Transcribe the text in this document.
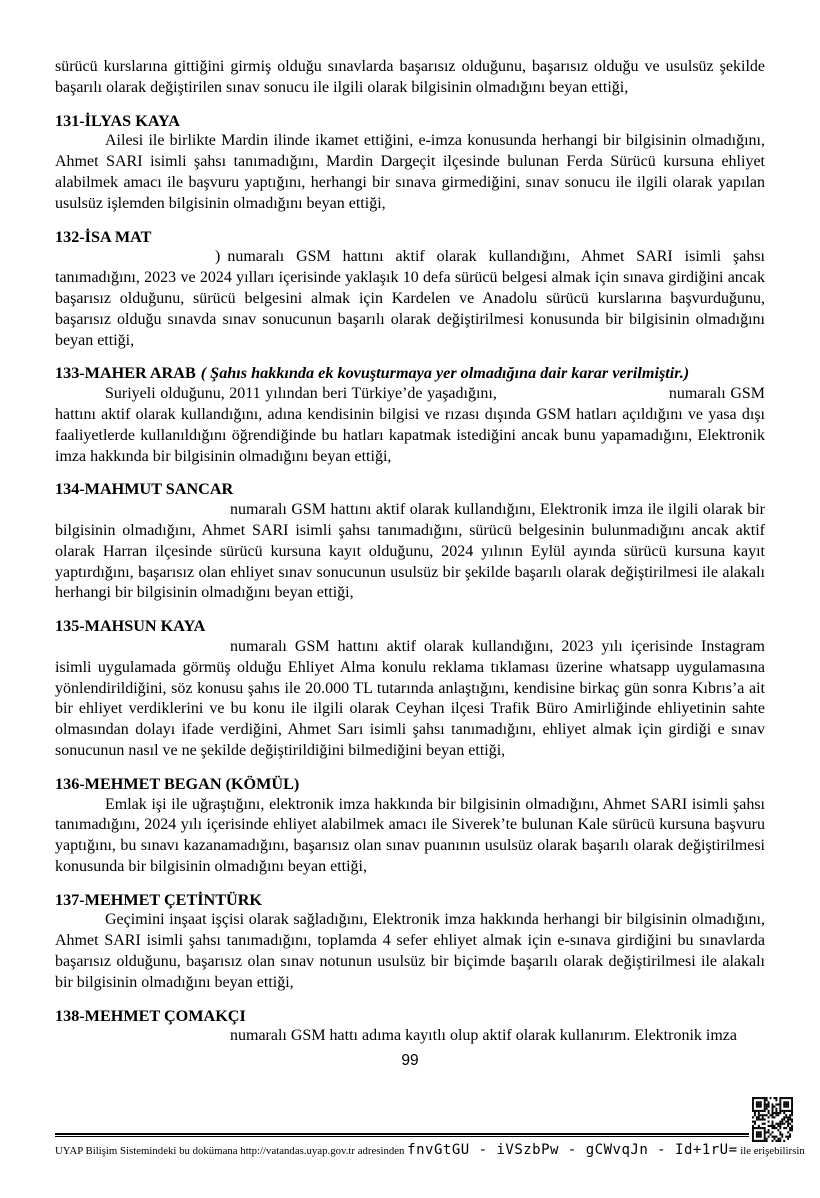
sürücü kurslarına gittiğini girmiş olduğu sınavlarda başarısız olduğunu, başarısız olduğu ve usulsüz şekilde başarılı olarak değiştirilen sınav sonucu ile ilgili olarak bilgisinin olmadığını beyan ettiği,

131-İLYAS KAYA

Ailesi ile birlikte Mardin ilinde ikamet ettiğini, e-imza konusunda herhangi bir bilgisinin olmadığını, Ahmet SARI isimli şahsı tanımadığını, Mardin Dargeçit ilçesinde bulunan Ferda Sürücü kursuna ehliyet alabilmek amacı ile başvuru yaptığını, herhangi bir sınava girmediğini, sınav sonucu ile ilgili olarak yapılan usulsüz işlemden bilgisinin olmadığını beyan ettiği,

132-İSA MAT

) numaralı GSM hattını aktif olarak kullandığını, Ahmet SARI isimli şahsı tanımadığını, 2023 ve 2024 yılları içerisinde yaklaşık 10 defa sürücü belgesi almak için sınava girdiğini ancak başarısız olduğunu, sürücü belgesini almak için Kardelen ve Anadolu sürücü kurslarına başvurduğunu, başarısız olduğu sınavda sınav sonucunun başarılı olarak değiştirilmesi konusunda bir bilgisinin olmadığını beyan ettiği,

133-MAHER ARAB ( Şahıs hakkında ek kovuşturmaya yer olmadığına dair karar verilmiştir.)

Suriyeli olduğunu, 2011 yılından beri Türkiye’de yaşadığını,	numaralı GSM hattını aktif olarak kullandığını, adına kendisinin bilgisi ve rızası dışında GSM hatları açıldığını ve yasa dışı faaliyetlerde kullanıldığını öğrendiğinde bu hatları kapatmak istediğini ancak bunu yapamadığını, Elektronik imza hakkında bir bilgisinin olmadığını beyan ettiği,

134-MAHMUT SANCAR

numaralı GSM hattını aktif olarak kullandığını, Elektronik imza ile ilgili olarak bir bilgisinin olmadığını, Ahmet SARI isimli şahsı tanımadığını, sürücü belgesinin bulunmadığını ancak aktif olarak Harran ilçesinde sürücü kursuna kayıt olduğunu, 2024 yılının Eylül ayında sürücü kursuna kayıt yaptırdığını, başarısız olan ehliyet sınav sonucunun usulsüz bir şekilde başarılı olarak değiştirilmesi ile alakalı herhangi bir bilgisinin olmadığını beyan ettiği,

135-MAHSUN KAYA

numaralı GSM hattını aktif olarak kullandığını, 2023 yılı içerisinde Instagram isimli uygulamada görmüş olduğu Ehliyet Alma konulu reklama tıklaması üzerine whatsapp uygulamasına yönlendirildiğini, söz konusu şahıs ile 20.000 TL tutarında anlaştığını, kendisine birkaç gün sonra Kıbrıs’a ait bir ehliyet verdiklerini ve bu konu ile ilgili olarak Ceyhan ilçesi Trafik Büro Amirliğinde ehliyetinin sahte olmasından dolayı ifade verdiğini, Ahmet Sarı isimli şahsı tanımadığını, ehliyet almak için girdiği e sınav sonucunun nasıl ve ne şekilde değiştirildiğini bilmediğini beyan ettiği,

136-MEHMET BEGAN (KÖMÜL)

Emlak işi ile uğraştığını, elektronik imza hakkında bir bilgisinin olmadığını, Ahmet SARI isimli şahsı tanımadığını, 2024 yılı içerisinde ehliyet alabilmek amacı ile Siverek’te bulunan Kale sürücü kursuna başvuru yaptığını, bu sınavı kazanamadığını, başarısız olan sınav puanının usulsüz olarak başarılı olarak değiştirilmesi konusunda bir bilgisinin olmadığını beyan ettiği,

137-MEHMET ÇETİNTÜRK

Geçimini inşaat işçisi olarak sağladığını, Elektronik imza hakkında herhangi bir bilgisinin olmadığını, Ahmet SARI isimli şahsı tanımadığını, toplamda 4 sefer ehliyet almak için e-sınava girdiğini bu sınavlarda başarısız olduğunu, başarısız olan sınav notunun usulsüz bir biçimde başarılı olarak değiştirilmesi ile alakalı bir bilgisinin olmadığını beyan ettiği,

138-MEHMET ÇOMAKÇI

numaralı GSM hattı adıma kayıtlı olup aktif olarak kullanırım. Elektronik imza

99
UYAP Bilişim Sistemindeki bu dokümana http://vatandas.uyap.gov.tr adresinden fnvGtGU - iVSzbPw - gCWvqJn - Id+1rU= ile erişebilirsin
